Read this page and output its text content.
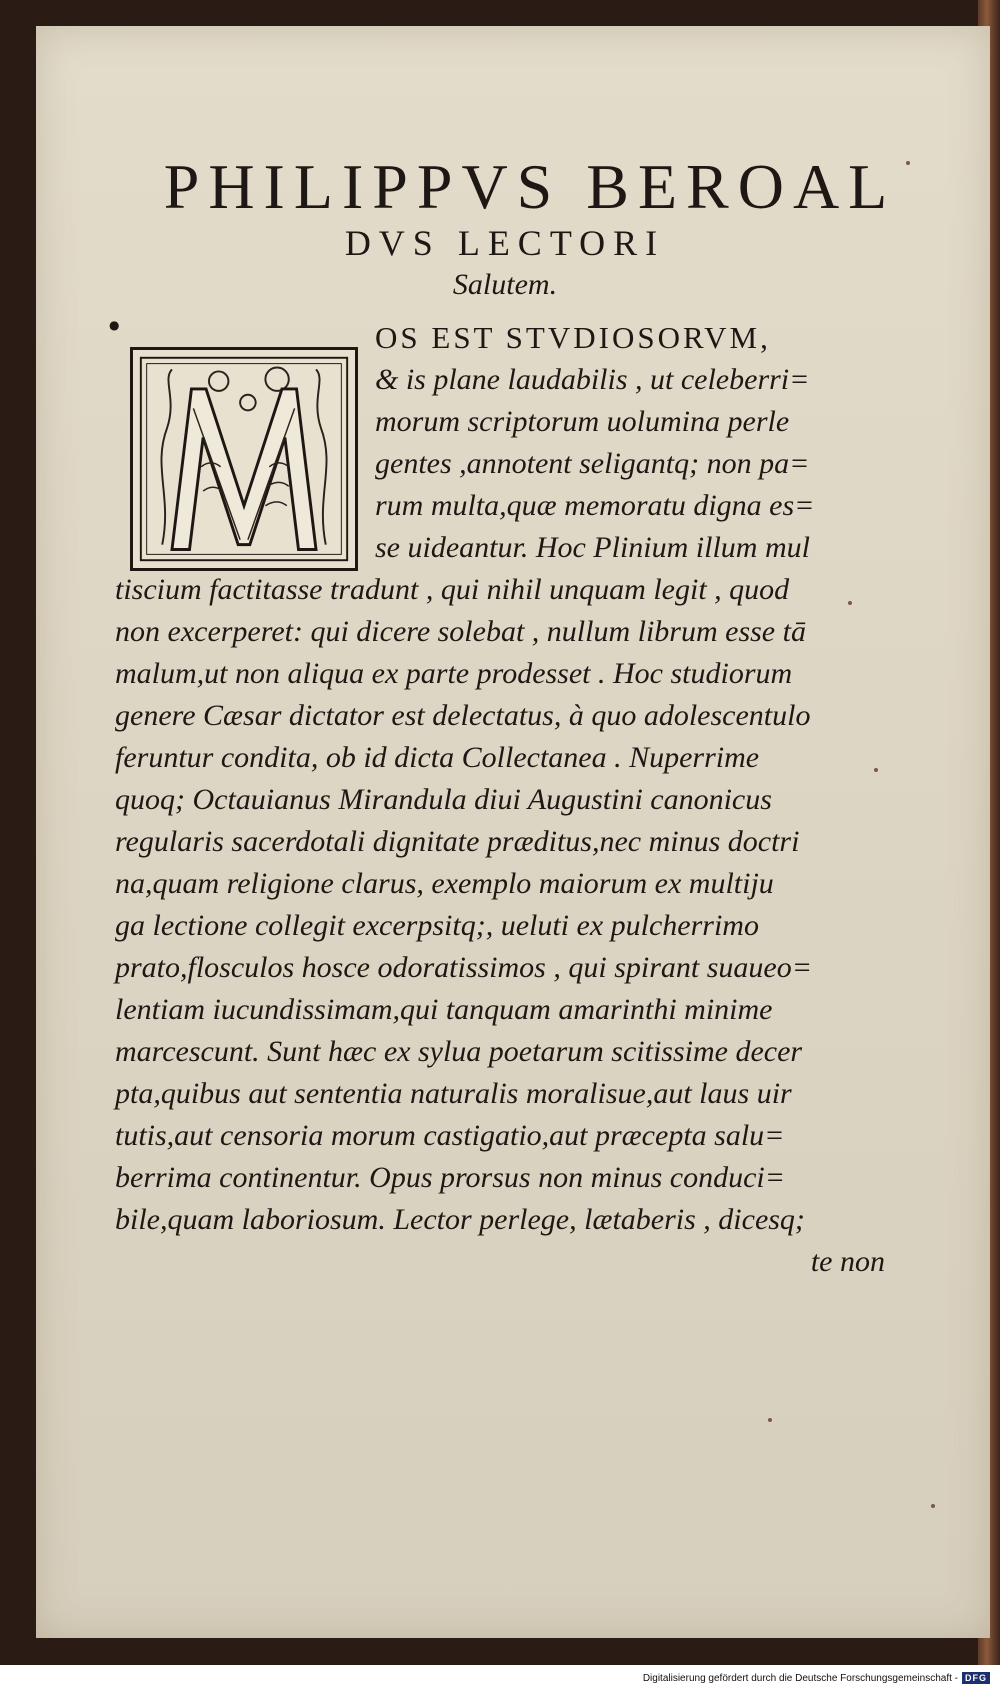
PHILIPPVS BEROAL
DVS LECTORI
Salutem.
●	OS EST STVDIOSORVM,
& is plane laudabilis , ut celeberri=
morum scriptorum uolumina perle
gentes ,annotent seligantq; non pa=
rum multa,quæ memoratu digna es=
se uideantur. Hoc Plinium illum mul
tiscium factitasse tradunt , qui nihil unquam legit , quod
non excerperet: qui dicere solebat , nullum librum esse tā
malum,ut non aliqua ex parte prodesset . Hoc studiorum
genere Cæsar dictator est delectatus, à quo adolescentulo
feruntur condita, ob id dicta Collectanea . Nuperrime
quoq; Octauianus Mirandula diui Augustini canonicus
regularis sacerdotali dignitate præditus,nec minus doctri
na,quam religione clarus, exemplo maiorum ex multiju
ga lectione collegit excerpsitq;, ueluti ex pulcherrimo
prato,flosculos hosce odoratissimos , qui spirant suaueo=
lentiam iucundissimam,qui tanquam amarinthi minime
marcescunt. Sunt hæc ex sylua poetarum scitissime decer
pta,quibus aut sententia naturalis moralisue,aut laus uir
tutis,aut censoria morum castigatio,aut præcepta salu=
berrima continentur. Opus prorsus non minus conduci=
bile,quam laboriosum. Lector perlege, lætaberis , dicesq;
te non
Digitalisierung gefördert durch die Deutsche Forschungsgemeinschaft - DFG
